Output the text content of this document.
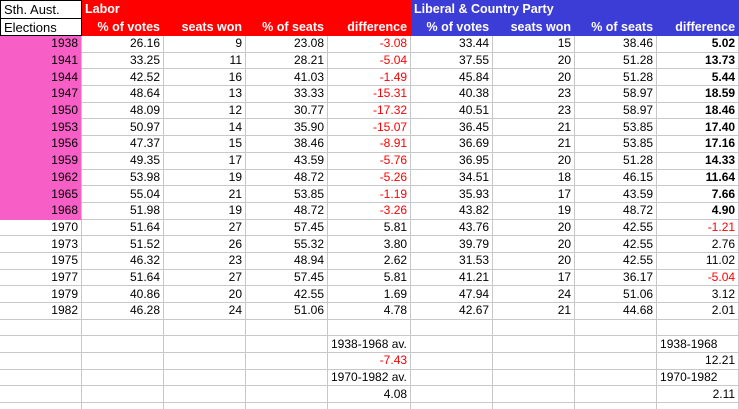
Sth. Aust.	Labor				Liberal & Country Party			
Elections	% of votes	seats won	% of seats	difference	% of votes	seats won	% of seats	difference
1938	26.16	9	23.08	-3.08	33.44	15	38.46	5.02
1941	33.25	11	28.21	-5.04	37.55	20	51.28	13.73
1944	42.52	16	41.03	-1.49	45.84	20	51.28	5.44
1947	48.64	13	33.33	-15.31	40.38	23	58.97	18.59
1950	48.09	12	30.77	-17.32	40.51	23	58.97	18.46
1953	50.97	14	35.90	-15.07	36.45	21	53.85	17.40
1956	47.37	15	38.46	-8.91	36.69	21	53.85	17.16
1959	49.35	17	43.59	-5.76	36.95	20	51.28	14.33
1962	53.98	19	48.72	-5.26	34.51	18	46.15	11.64
1965	55.04	21	53.85	-1.19	35.93	17	43.59	7.66
1968	51.98	19	48.72	-3.26	43.82	19	48.72	4.90
1970	51.64	27	57.45	5.81	43.76	20	42.55	-1.21
1973	51.52	26	55.32	3.80	39.79	20	42.55	2.76
1975	46.32	23	48.94	2.62	31.53	20	42.55	11.02
1977	51.64	27	57.45	5.81	41.21	17	36.17	-5.04
1979	40.86	20	42.55	1.69	47.94	24	51.06	3.12
1982	46.28	24	51.06	4.78	42.67	21	44.68	2.01

				1938-1968 av.				1938-1968
				-7.43				12.21
				1970-1982 av.				1970-1982
				4.08				2.11
